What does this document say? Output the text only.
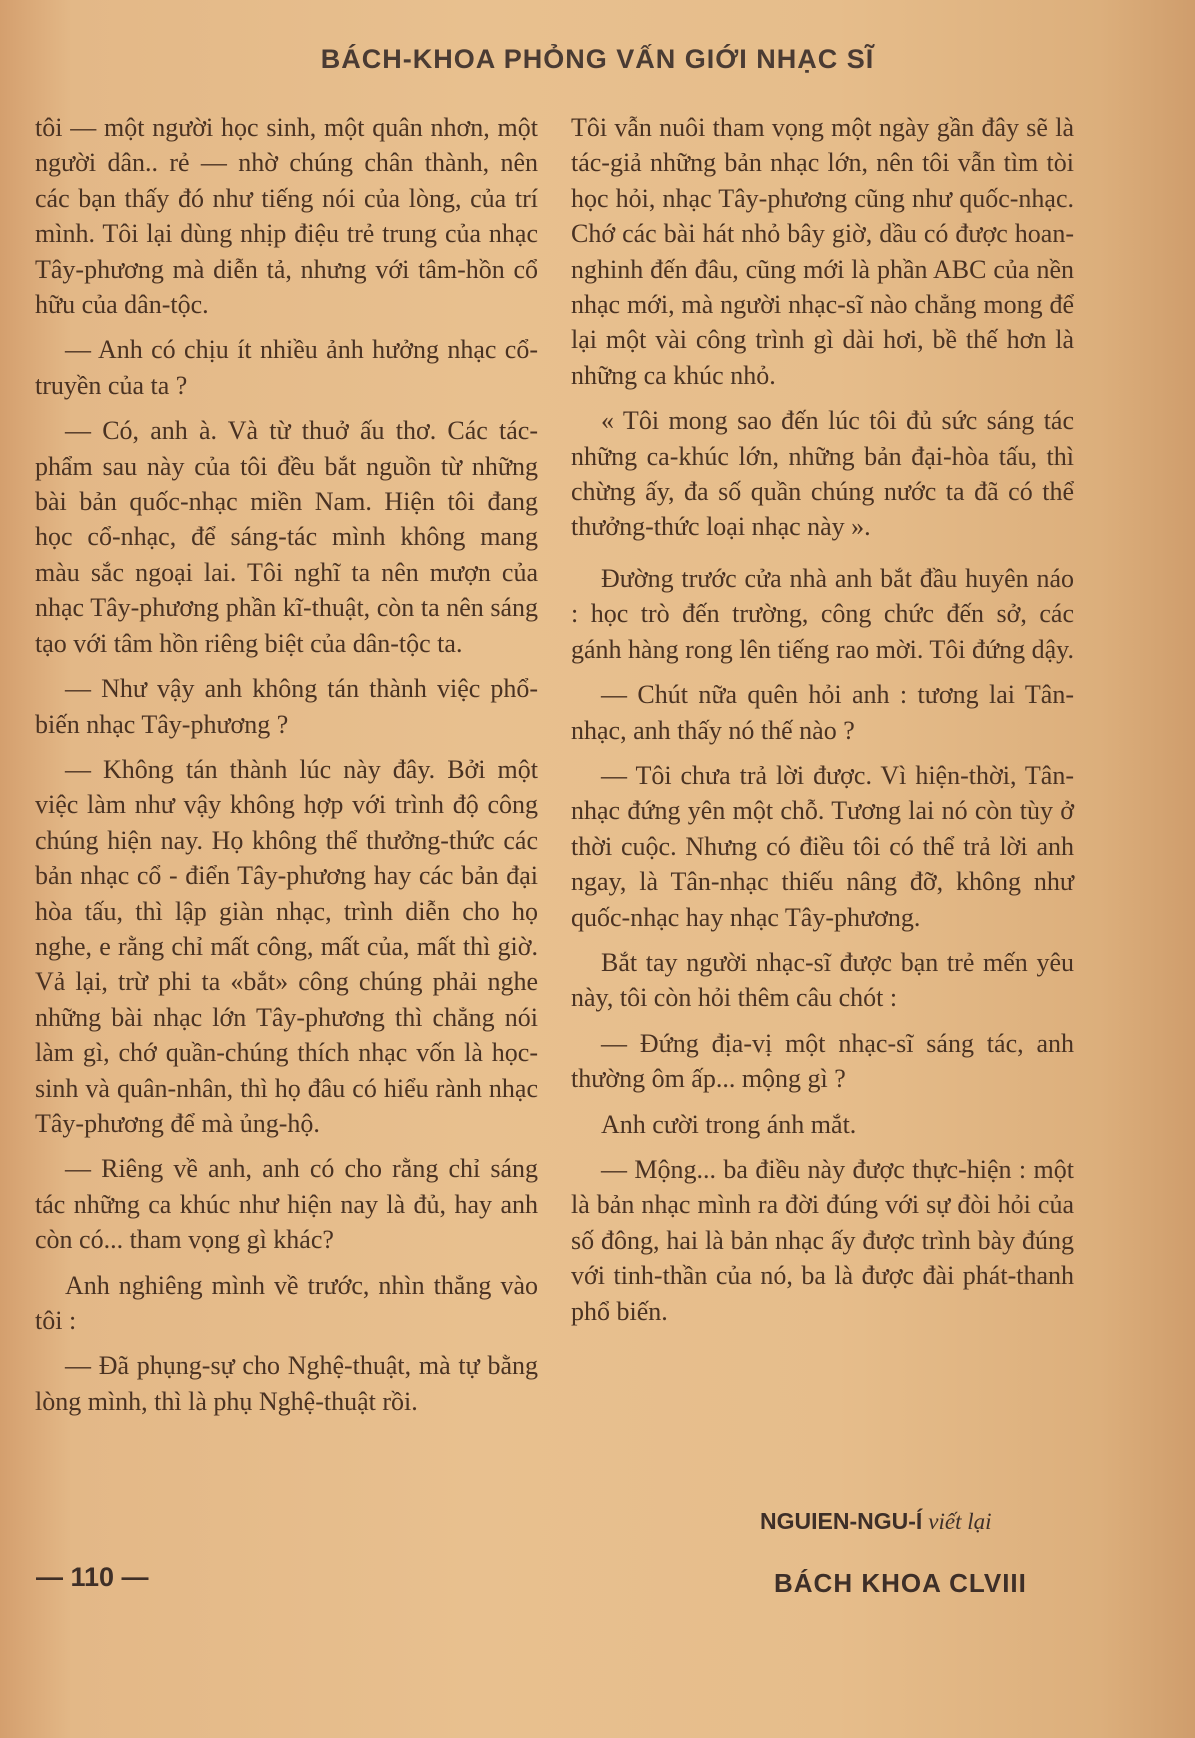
BÁCH-KHOA PHỎNG VẤN GIỚI NHẠC SĨ

tôi — một người học sinh, một quân nhơn, một người dân.. rẻ — nhờ chúng chân thành, nên các bạn thấy đó như tiếng nói của lòng, của trí mình. Tôi lại dùng nhịp điệu trẻ trung của nhạc Tây-phương mà diễn tả, nhưng với tâm-hồn cổ hữu của dân-tộc.

— Anh có chịu ít nhiều ảnh hưởng nhạc cổ-truyền của ta ?

— Có, anh à. Và từ thuở ấu thơ. Các tác-phẩm sau này của tôi đều bắt nguồn từ những bài bản quốc-nhạc miền Nam. Hiện tôi đang học cổ-nhạc, để sáng-tác mình không mang màu sắc ngoại lai. Tôi nghĩ ta nên mượn của nhạc Tây-phương phần kĩ-thuật, còn ta nên sáng tạo với tâm hồn riêng biệt của dân-tộc ta.

— Như vậy anh không tán thành việc phổ-biến nhạc Tây-phương ?

— Không tán thành lúc này đây. Bởi một việc làm như vậy không hợp với trình độ công chúng hiện nay. Họ không thể thưởng-thức các bản nhạc cổ - điển Tây-phương hay các bản đại hòa tấu, thì lập giàn nhạc, trình diễn cho họ nghe, e rằng chỉ mất công, mất của, mất thì giờ. Vả lại, trừ phi ta «bắt» công chúng phải nghe những bài nhạc lớn Tây-phương thì chẳng nói làm gì, chớ quần-chúng thích nhạc vốn là học-sinh và quân-nhân, thì họ đâu có hiểu rành nhạc Tây-phương để mà ủng-hộ.

— Riêng về anh, anh có cho rằng chỉ sáng tác những ca khúc như hiện nay là đủ, hay anh còn có... tham vọng gì khác?

Anh nghiêng mình về trước, nhìn thẳng vào tôi :

— Đã phụng-sự cho Nghệ-thuật, mà tự bằng lòng mình, thì là phụ Nghệ-thuật rồi.

Tôi vẫn nuôi tham vọng một ngày gần đây sẽ là tác-giả những bản nhạc lớn, nên tôi vẫn tìm tòi học hỏi, nhạc Tây-phương cũng như quốc-nhạc. Chớ các bài hát nhỏ bây giờ, dầu có được hoan-nghinh đến đâu, cũng mới là phần ABC của nền nhạc mới, mà người nhạc-sĩ nào chẳng mong để lại một vài công trình gì dài hơi, bề thế hơn là những ca khúc nhỏ.

« Tôi mong sao đến lúc tôi đủ sức sáng tác những ca-khúc lớn, những bản đại-hòa tấu, thì chừng ấy, đa số quần chúng nước ta đã có thể thưởng-thức loại nhạc này ».

Đường trước cửa nhà anh bắt đầu huyên náo : học trò đến trường, công chức đến sở, các gánh hàng rong lên tiếng rao mời. Tôi đứng dậy.

— Chút nữa quên hỏi anh : tương lai Tân-nhạc, anh thấy nó thế nào ?

— Tôi chưa trả lời được. Vì hiện-thời, Tân-nhạc đứng yên một chỗ. Tương lai nó còn tùy ở thời cuộc. Nhưng có điều tôi có thể trả lời anh ngay, là Tân-nhạc thiếu nâng đỡ, không như quốc-nhạc hay nhạc Tây-phương.

Bắt tay người nhạc-sĩ được bạn trẻ mến yêu này, tôi còn hỏi thêm câu chót :

— Đứng địa-vị một nhạc-sĩ sáng tác, anh thường ôm ấp... mộng gì ?

Anh cười trong ánh mắt.

— Mộng... ba điều này được thực-hiện : một là bản nhạc mình ra đời đúng với sự đòi hỏi của số đông, hai là bản nhạc ấy được trình bày đúng với tinh-thần của nó, ba là được đài phát-thanh phổ biến.

NGUIEN-NGU-Í viết lại
— 110 —	BÁCH KHOA CLVIII
